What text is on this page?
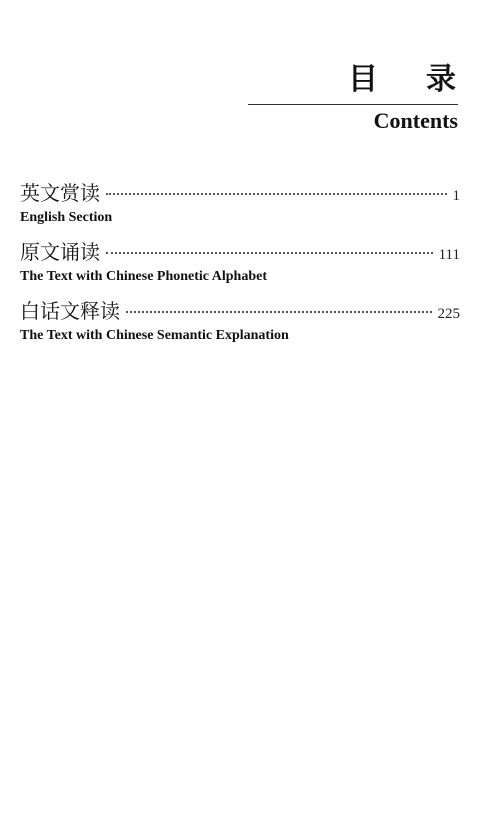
目 录
Contents
英文赏读	1
English Section
原文诵读	111
The Text with Chinese Phonetic Alphabet
白话文释读	225
The Text with Chinese Semantic Explanation
